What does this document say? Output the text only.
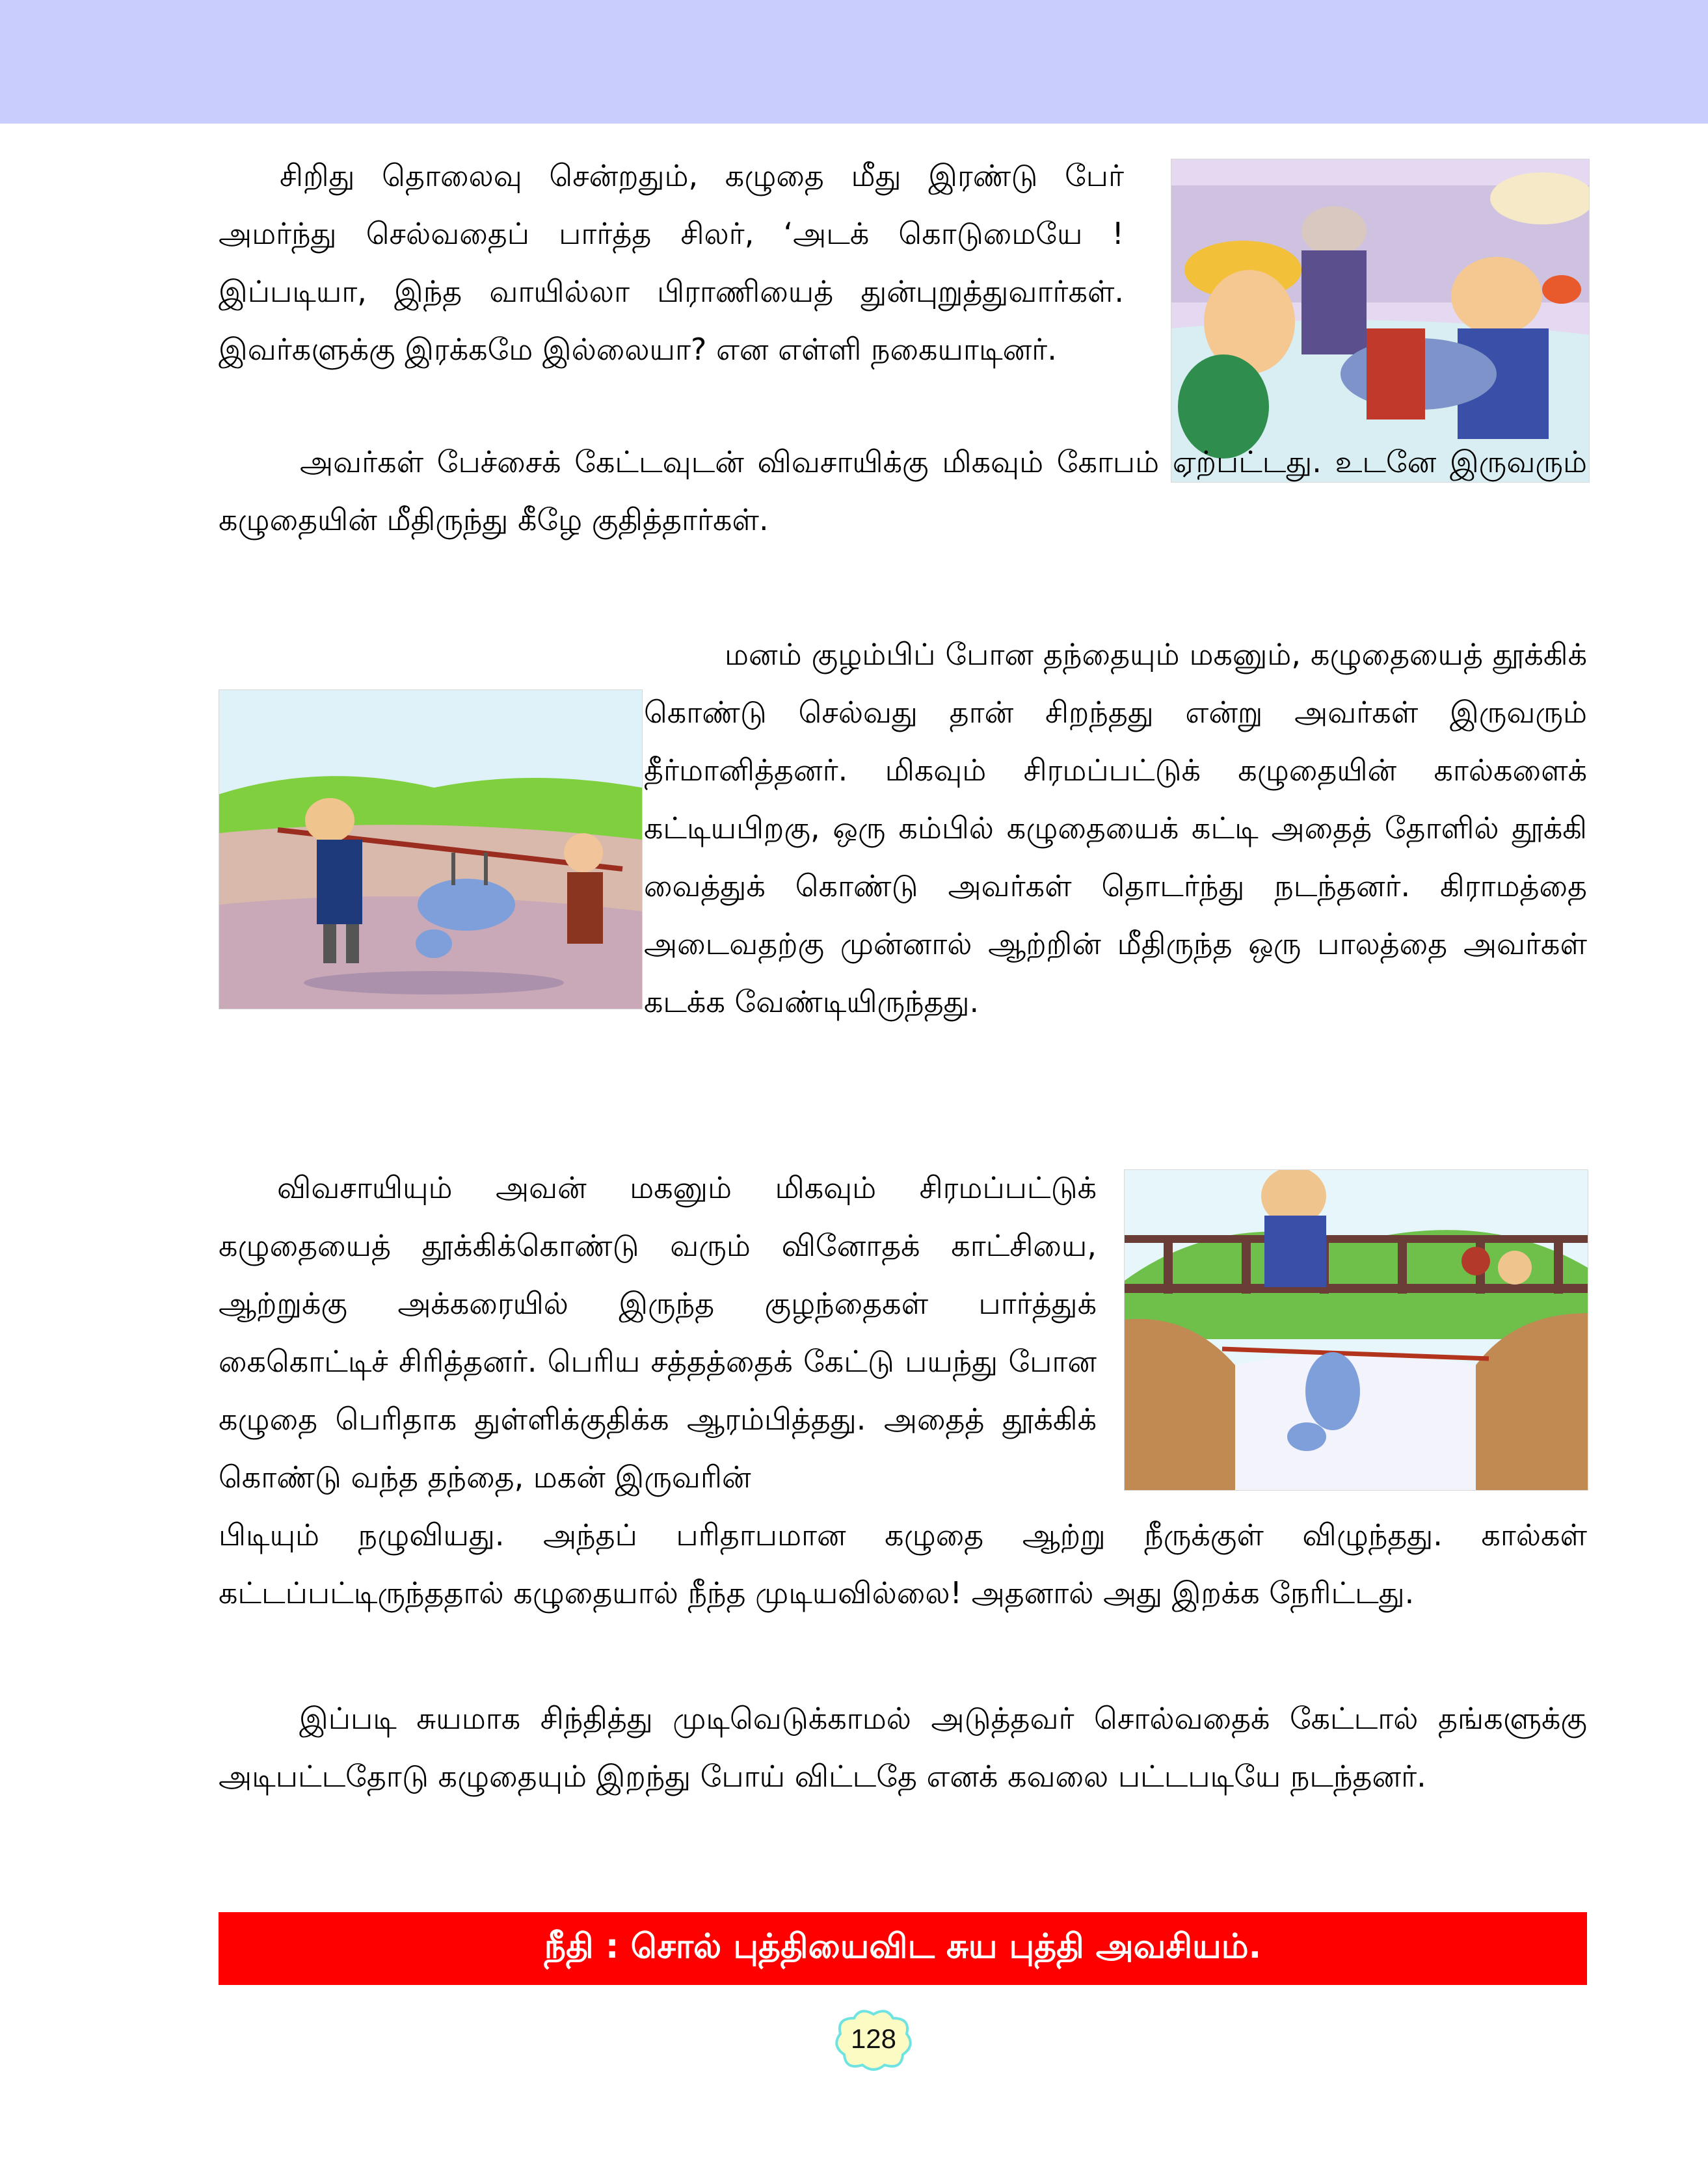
சிறிது தொலைவு சென்றதும், கழுதை மீது இரண்டு பேர் அமர்ந்து செல்வதைப் பார்த்த சிலர், ‘அடக் கொடுமையே ! இப்படியா, இந்த வாயில்லா பிராணியைத் துன்புறுத்துவார்கள். இவர்களுக்கு இரக்கமே இல்லையா? என எள்ளி நகையாடினர்.

அவர்கள் பேச்சைக் கேட்டவுடன் விவசாயிக்கு மிகவும் கோபம் ஏற்பட்டது. உடனே இருவரும் கழுதையின் மீதிருந்து கீழே குதித்தார்கள்.

மனம் குழம்பிப் போன தந்தையும் மகனும், கழுதையைத் தூக்கிக் கொண்டு செல்வது தான் சிறந்தது என்று அவர்கள் இருவரும் தீர்மானித்தனர். மிகவும் சிரமப்பட்டுக் கழுதையின் கால்களைக் கட்டியபிறகு, ஒரு கம்பில் கழுதையைக் கட்டி அதைத் தோளில் தூக்கி வைத்துக் கொண்டு அவர்கள் தொடர்ந்து நடந்தனர். கிராமத்தை அடைவதற்கு முன்னால் ஆற்றின் மீதிருந்த ஒரு பாலத்தை அவர்கள் கடக்க வேண்டியிருந்தது.

விவசாயியும் அவன் மகனும் மிகவும் சிரமப்பட்டுக் கழுதையைத் தூக்கிக்கொண்டு வரும் வினோதக் காட்சியை, ஆற்றுக்கு அக்கரையில் இருந்த குழந்தைகள் பார்த்துக் கைகொட்டிச் சிரித்தனர். பெரிய சத்தத்தைக் கேட்டு பயந்து போன கழுதை பெரிதாக துள்ளிக்குதிக்க ஆரம்பித்தது. அதைத் தூக்கிக் கொண்டு வந்த தந்தை, மகன் இருவரின்

பிடியும் நழுவியது. அந்தப் பரிதாபமான கழுதை ஆற்று நீருக்குள் விழுந்தது. கால்கள் கட்டப்பட்டிருந்ததால் கழுதையால் நீந்த முடியவில்லை! அதனால் அது இறக்க நேரிட்டது.

இப்படி சுயமாக சிந்தித்து முடிவெடுக்காமல் அடுத்தவர் சொல்வதைக் கேட்டால் தங்களுக்கு அடிபட்டதோடு கழுதையும் இறந்து போய் விட்டதே எனக் கவலை பட்டபடியே நடந்தனர்.

நீதி : சொல் புத்தியைவிட சுய புத்தி அவசியம்.
128
